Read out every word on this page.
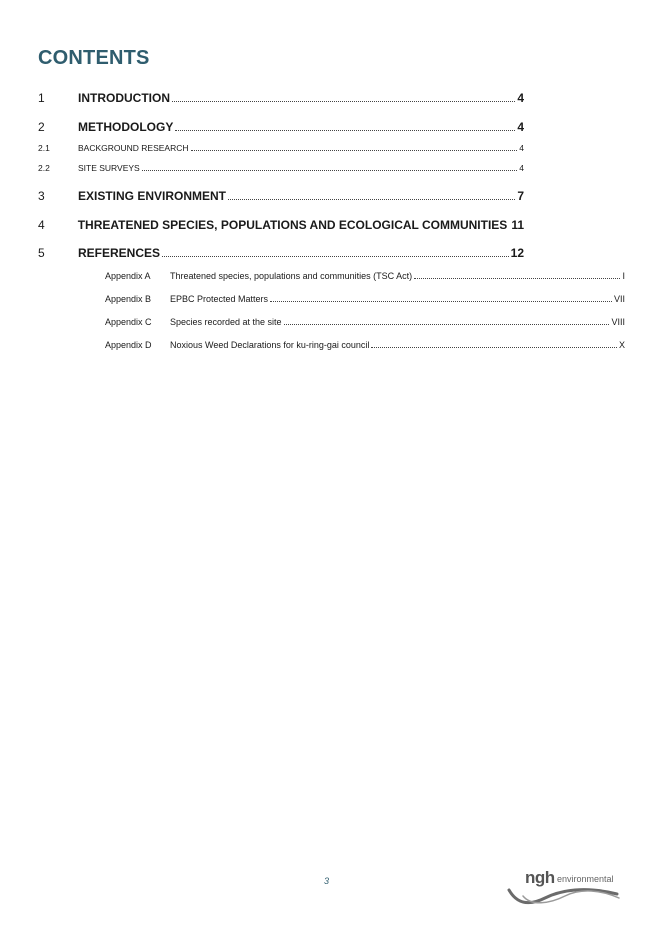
CONTENTS
1	INTRODUCTION	4
2	METHODOLOGY	4
2.1	BACKGROUND RESEARCH	4
2.2	SITE SURVEYS	4
3	EXISTING ENVIRONMENT	7
4	THREATENED SPECIES, POPULATIONS AND ECOLOGICAL COMMUNITIES 11
5	REFERENCES	12
Appendix A	Threatened species, populations and communities (TSC Act)	I
Appendix B	EPBC Protected Matters	VII
Appendix C	Species recorded at the site	VIII
Appendix D	Noxious Weed Declarations for ku-ring-gai council	X
3	ngh environmental
